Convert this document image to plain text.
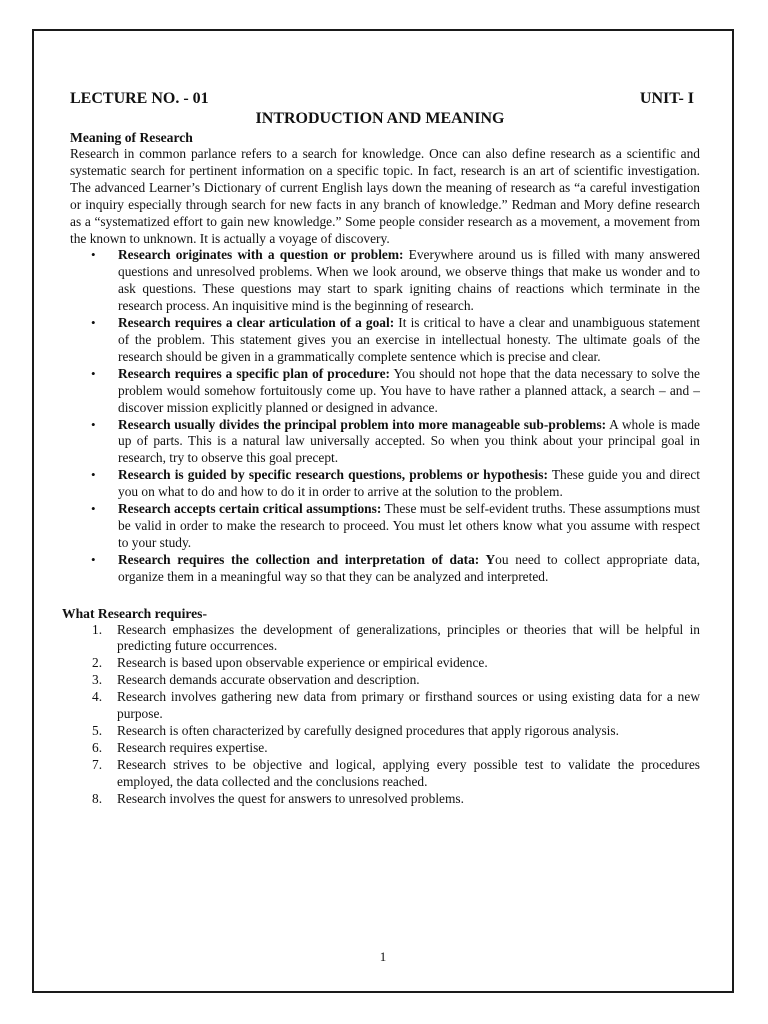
LECTURE NO. - 01	UNIT- I
INTRODUCTION AND MEANING
Meaning of Research

Research in common parlance refers to a search for knowledge. Once can also define research as a scientific and systematic search for pertinent information on a specific topic. In fact, research is an art of scientific investigation. The advanced Learner’s Dictionary of current English lays down the meaning of research as “a careful investigation or inquiry especially through search for new facts in any branch of knowledge.” Redman and Mory define research as a “systematized effort to gain new knowledge.” Some people consider research as a movement, a movement from the known to unknown. It is actually a voyage of discovery.

• Research originates with a question or problem: Everywhere around us is filled with many answered questions and unresolved problems. When we look around, we observe things that make us wonder and to ask questions. These questions may start to spark igniting chains of reactions which terminate in the research process. An inquisitive mind is the beginning of research.
• Research requires a clear articulation of a goal: It is critical to have a clear and unambiguous statement of the problem. This statement gives you an exercise in intellectual honesty. The ultimate goals of the research should be given in a grammatically complete sentence which is precise and clear.
• Research requires a specific plan of procedure: You should not hope that the data necessary to solve the problem would somehow fortuitously come up. You have to have rather a planned attack, a search – and – discover mission explicitly planned or designed in advance.
• Research usually divides the principal problem into more manageable sub-problems: A whole is made up of parts. This is a natural law universally accepted. So when you think about your principal goal in research, try to observe this goal precept.
• Research is guided by specific research questions, problems or hypothesis: These guide you and direct you on what to do and how to do it in order to arrive at the solution to the problem.
• Research accepts certain critical assumptions: These must be self-evident truths. These assumptions must be valid in order to make the research to proceed. You must let others know what you assume with respect to your study.
• Research requires the collection and interpretation of data: You need to collect appropriate data, organize them in a meaningful way so that they can be analyzed and interpreted.
What Research requires-
1. Research emphasizes the development of generalizations, principles or theories that will be helpful in predicting future occurrences.
2. Research is based upon observable experience or empirical evidence.
3. Research demands accurate observation and description.
4. Research involves gathering new data from primary or firsthand sources or using existing data for a new purpose.
5. Research is often characterized by carefully designed procedures that apply rigorous analysis.
6. Research requires expertise.
7. Research strives to be objective and logical, applying every possible test to validate the procedures employed, the data collected and the conclusions reached.
8. Research involves the quest for answers to unresolved problems.
1
